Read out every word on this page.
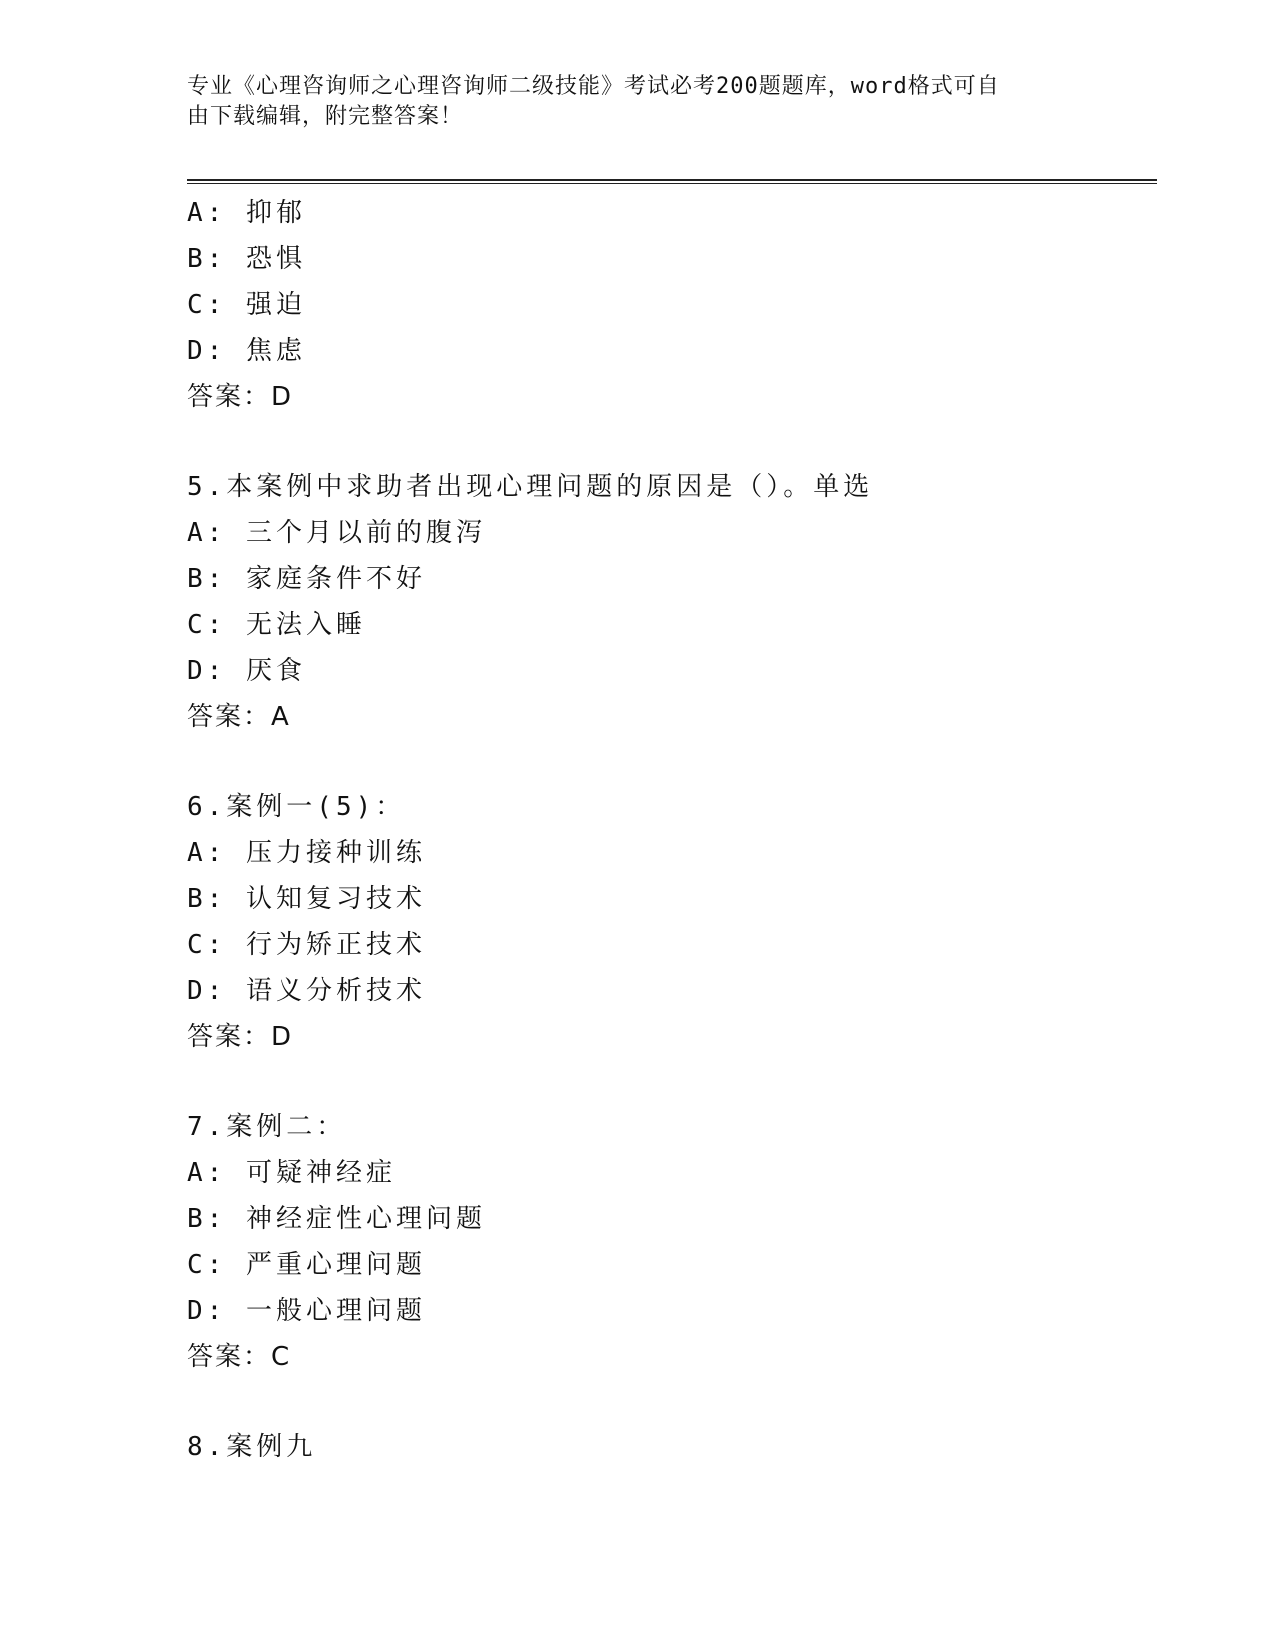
专业《心理咨询师之心理咨询师二级技能》考试必考200题题库，word格式可自
由下载编辑，附完整答案！
A: 抑郁
B: 恐惧
C: 强迫
D: 焦虑
答案：D
5.本案例中求助者出现心理问题的原因是（）。单选
A: 三个月以前的腹泻
B: 家庭条件不好
C: 无法入睡
D: 厌食
答案：A
6.案例一(5)：
A: 压力接种训练
B: 认知复习技术
C: 行为矫正技术
D: 语义分析技术
答案：D
7.案例二：
A: 可疑神经症
B: 神经症性心理问题
C: 严重心理问题
D: 一般心理问题
答案：C
8.案例九
